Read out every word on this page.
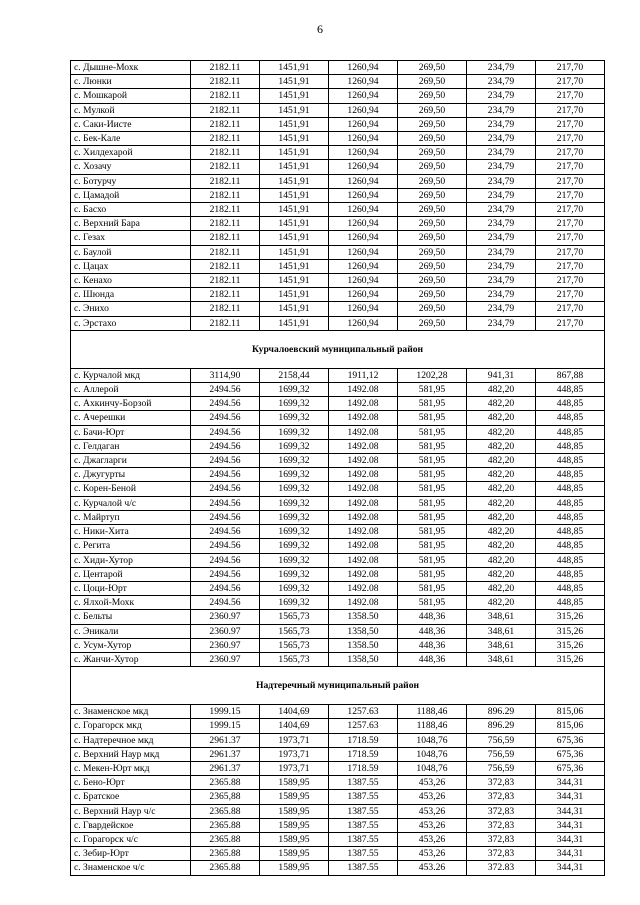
6
с. Дышне-Мохк	2182.11	1451,91	1260,94	269,50	234,79	217,70
с. Люнки	2182.11	1451,91	1260,94	269,50	234,79	217,70
с. Мошкарой	2182.11	1451,91	1260,94	269,50	234,79	217,70
с. Мулкой	2182.11	1451,91	1260,94	269,50	234,79	217,70
с. Саки-Иисте	2182.11	1451,91	1260,94	269,50	234,79	217,70
с. Бек-Кале	2182.11	1451,91	1260,94	269,50	234,79	217,70
с. Хилдехарой	2182.11	1451,91	1260,94	269,50	234,79	217,70
с. Хозачу	2182.11	1451,91	1260,94	269,50	234,79	217,70
с. Ботурчу	2182.11	1451,91	1260,94	269,50	234,79	217,70
с. Цамадой	2182.11	1451,91	1260,94	269,50	234,79	217,70
с. Басхо	2182.11	1451,91	1260,94	269,50	234,79	217,70
с. Верхний Бара	2182.11	1451,91	1260,94	269,50	234,79	217,70
с. Гезах	2182.11	1451,91	1260,94	269,50	234,79	217,70
с. Баулой	2182.11	1451,91	1260,94	269,50	234,79	217,70
с. Цацах	2182.11	1451,91	1260,94	269,50	234,79	217,70
с. Кенахо	2182.11	1451,91	1260,94	269,50	234,79	217,70
с. Шюнда	2182.11	1451,91	1260,94	269,50	234,79	217,70
с. Энихо	2182.11	1451,91	1260,94	269,50	234,79	217,70
с. Эрстахо	2182.11	1451,91	1260,94	269,50	234,79	217,70
Курчалоевский муниципальный район						
с. Курчалой мкд	3114,90	2158,44	1911,12	1202,28	941,31	867,88
с. Аллерой	2494.56	1699,32	1492.08	581,95	482,20	448,85
с. Ахкинчу-Борзой	2494.56	1699,32	1492.08	581,95	482,20	448,85
с. Ачерешки	2494.56	1699,32	1492.08	581,95	482,20	448,85
с. Бачи-Юрт	2494.56	1699,32	1492.08	581,95	482,20	448,85
с. Гелдаган	2494.56	1699,32	1492.08	581,95	482,20	448,85
с. Джагларги	2494.56	1699,32	1492.08	581,95	482,20	448,85
с. Джугурты	2494.56	1699,32	1492.08	581,95	482,20	448,85
с. Корен-Беной	2494.56	1699,32	1492.08	581,95	482,20	448,85
с. Курчалой ч/с	2494.56	1699,32	1492.08	581,95	482,20	448,85
с. Майртуп	2494.56	1699,32	1492.08	581,95	482,20	448,85
с. Ники-Хита	2494.56	1699,32	1492.08	581,95	482,20	448,85
с. Регита	2494.56	1699,32	1492.08	581,95	482,20	448,85
с. Хиди-Хутор	2494.56	1699,32	1492.08	581,95	482,20	448,85
с. Центарой	2494.56	1699,32	1492.08	581,95	482,20	448,85
с. Цоци-Юрт	2494.56	1699,32	1492.08	581,95	482,20	448,85
с. Ялхой-Мохк	2494.56	1699,32	1492.08	581,95	482,20	448,85
с. Бельты	2360.97	1565,73	1358.50	448,36	348,61	315,26
с. Эникали	2360.97	1565,73	1358,50	448,36	348,61	315,26
с. Усум-Хутор	2360.97	1565,73	1358.50	448,36	348,61	315,26
с. Жанчи-Хутор	2360.97	1565,73	1358,50	448,36	348,61	315,26
Надтеречный муниципальный район						
с. Знаменское мкд	1999.15	1404,69	1257.63	1188,46	896.29	815,06
с. Горагорск мкд	1999.15	1404,69	1257.63	1188,46	896.29	815,06
с. Надтеречное мкд	2961.37	1973,71	1718.59	1048,76	756,59	675,36
с. Верхний Наур мкд	2961.37	1973,71	1718.59	1048,76	756,59	675,36
с. Мекен-Юрт мкд	2961.37	1973,71	1718.59	1048,76	756,59	675,36
с. Бено-Юрт	2365.88	1589,95	1387.55	453,26	372,83	344,31
с. Братское	2365,88	1589,95	1387.55	453,26	372,83	344,31
с. Верхний Наур ч/с	2365.88	1589,95	1387.55	453,26	372,83	344,31
с. Гвардейское	2365.88	1589,95	1387.55	453,26	372,83	344,31
с. Горагорск ч/с	2365.88	1589,95	1387.55	453,26	372,83	344,31
с. Зебир-Юрт	2365.88	1589,95	1387.55	453,26	372,83	344,31
с. Знаменское ч/с	2365.88	1589,95	1387.55	453.26	372.83	344,31
